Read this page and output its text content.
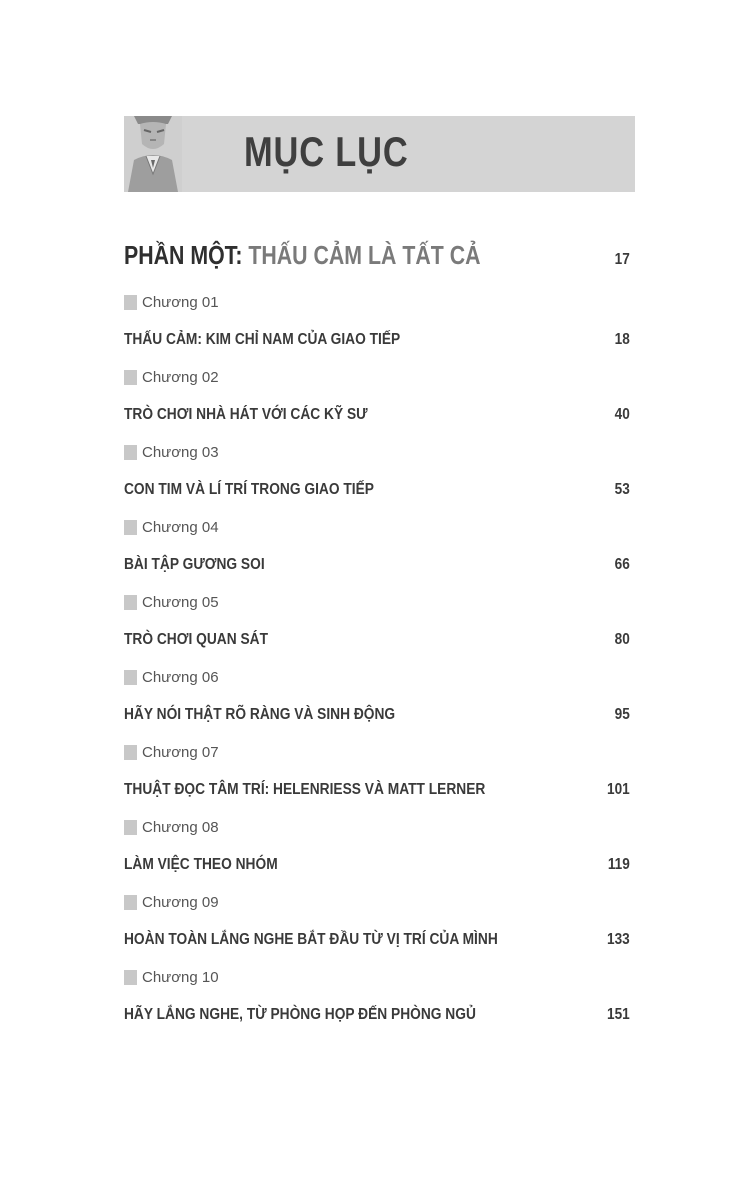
MỤC LỤC
PHẦN MỘT: THẤU CẢM LÀ TẤT CẢ	17
Chương 01
THẤU CẢM: KIM CHỈ NAM CỦA GIAO TIẾP	18
Chương 02
TRÒ CHƠI NHÀ HÁT VỚI CÁC KỸ SƯ	40
Chương 03
CON TIM VÀ LÍ TRÍ TRONG GIAO TIẾP	53
Chương 04
BÀI TẬP GƯƠNG SOI	66
Chương 05
TRÒ CHƠI QUAN SÁT	80
Chương 06
HÃY NÓI THẬT RÕ RÀNG VÀ SINH ĐỘNG	95
Chương 07
THUẬT ĐỌC TÂM TRÍ: HELENRIESS VÀ MATT LERNER	101
Chương 08
LÀM VIỆC THEO NHÓM	119
Chương 09
HOÀN TOÀN LẮNG NGHE BẮT ĐẦU TỪ VỊ TRÍ CỦA MÌNH	133
Chương 10
HÃY LẮNG NGHE, TỪ PHÒNG HỌP ĐẾN PHÒNG NGỦ	151
